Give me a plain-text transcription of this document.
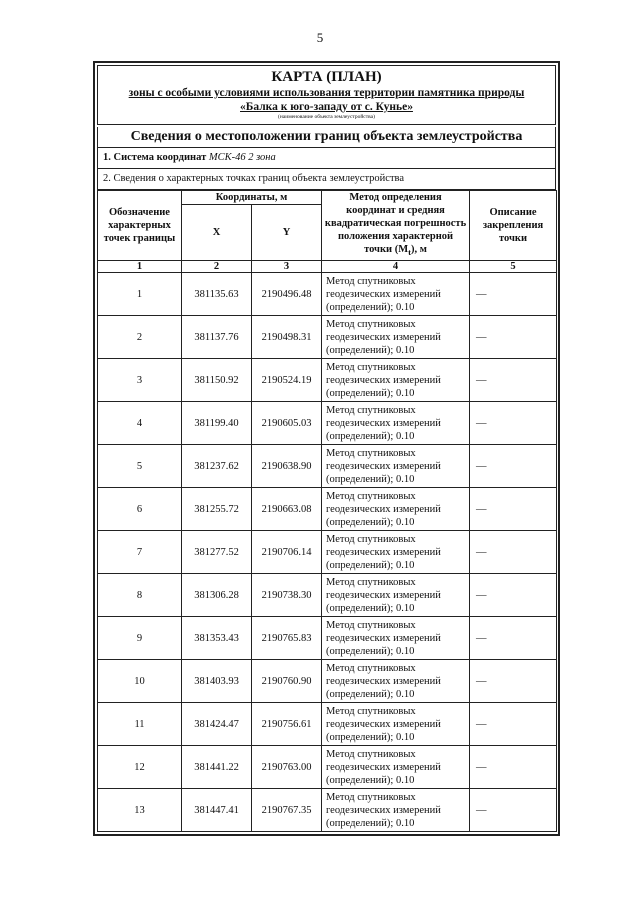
5
КАРТА (ПЛАН)
зоны с особыми условиями использования территории памятника природы
«Балка к юго-западу от с. Кунье»
(наименование объекта землеустройства)
Сведения о местоположении границ объекта землеустройства
1. Система координат МСК-46 2 зона
2. Сведения о характерных точках границ объекта землеустройства
Обозначение характерных точек границы	Координаты, м		Метод определения координат и средняя квадратическая погрешность положения характерной точки $(M_t)$, м	Описание закрепления точки
	X	Y		
1	2	3	4	5
1	381135.63	2190496.48	Метод спутниковых геодезических измерений (определений); 0.10	—
2	381137.76	2190498.31	Метод спутниковых геодезических измерений (определений); 0.10	—
3	381150.92	2190524.19	Метод спутниковых геодезических измерений (определений); 0.10	—
4	381199.40	2190605.03	Метод спутниковых геодезических измерений (определений); 0.10	—
5	381237.62	2190638.90	Метод спутниковых геодезических измерений (определений); 0.10	—
6	381255.72	2190663.08	Метод спутниковых геодезических измерений (определений); 0.10	—
7	381277.52	2190706.14	Метод спутниковых геодезических измерений (определений); 0.10	—
8	381306.28	2190738.30	Метод спутниковых геодезических измерений (определений); 0.10	—
9	381353.43	2190765.83	Метод спутниковых геодезических измерений (определений); 0.10	—
10	381403.93	2190760.90	Метод спутниковых геодезических измерений (определений); 0.10	—
11	381424.47	2190756.61	Метод спутниковых геодезических измерений (определений); 0.10	—
12	381441.22	2190763.00	Метод спутниковых геодезических измерений (определений); 0.10	—
13	381447.41	2190767.35	Метод спутниковых геодезических измерений (определений); 0.10	—
